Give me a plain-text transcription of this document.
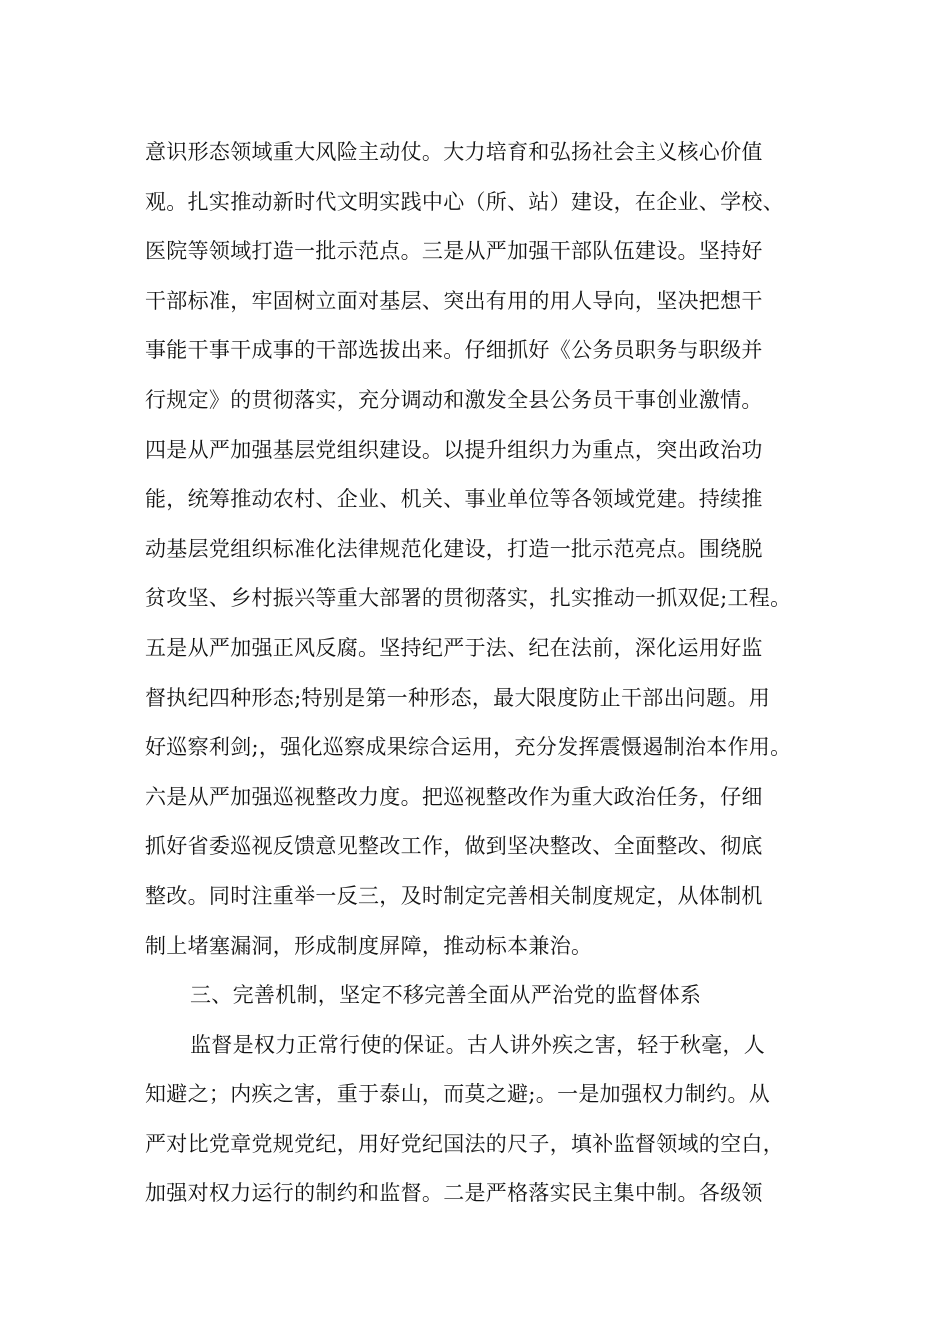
意识形态领域重大风险主动仗。大力培育和弘扬社会主义核心价值
观。扎实推动新时代文明实践中心（所、站）建设，在企业、学校、
医院等领域打造一批示范点。三是从严加强干部队伍建设。坚持好
干部标准，牢固树立面对基层、突出有用的用人导向，坚决把想干
事能干事干成事的干部选拔出来。仔细抓好《公务员职务与职级并
行规定》的贯彻落实，充分调动和激发全县公务员干事创业激情。
四是从严加强基层党组织建设。以提升组织力为重点，突出政治功
能，统筹推动农村、企业、机关、事业单位等各领域党建。持续推
动基层党组织标准化法律规范化建设，打造一批示范亮点。围绕脱
贫攻坚、乡村振兴等重大部署的贯彻落实，扎实推动一抓双促;工程。
五是从严加强正风反腐。坚持纪严于法、纪在法前，深化运用好监
督执纪四种形态;特别是第一种形态，最大限度防止干部出问题。用
好巡察利剑;，强化巡察成果综合运用，充分发挥震慑遏制治本作用。
六是从严加强巡视整改力度。把巡视整改作为重大政治任务，仔细
抓好省委巡视反馈意见整改工作，做到坚决整改、全面整改、彻底
整改。同时注重举一反三，及时制定完善相关制度规定，从体制机
制上堵塞漏洞，形成制度屏障，推动标本兼治。
三、完善机制，坚定不移完善全面从严治党的监督体系
监督是权力正常行使的保证。古人讲外疾之害，轻于秋毫，人
知避之；内疾之害，重于泰山，而莫之避;。一是加强权力制约。从
严对比党章党规党纪，用好党纪国法的尺子，填补监督领域的空白，
加强对权力运行的制约和监督。二是严格落实民主集中制。各级领
